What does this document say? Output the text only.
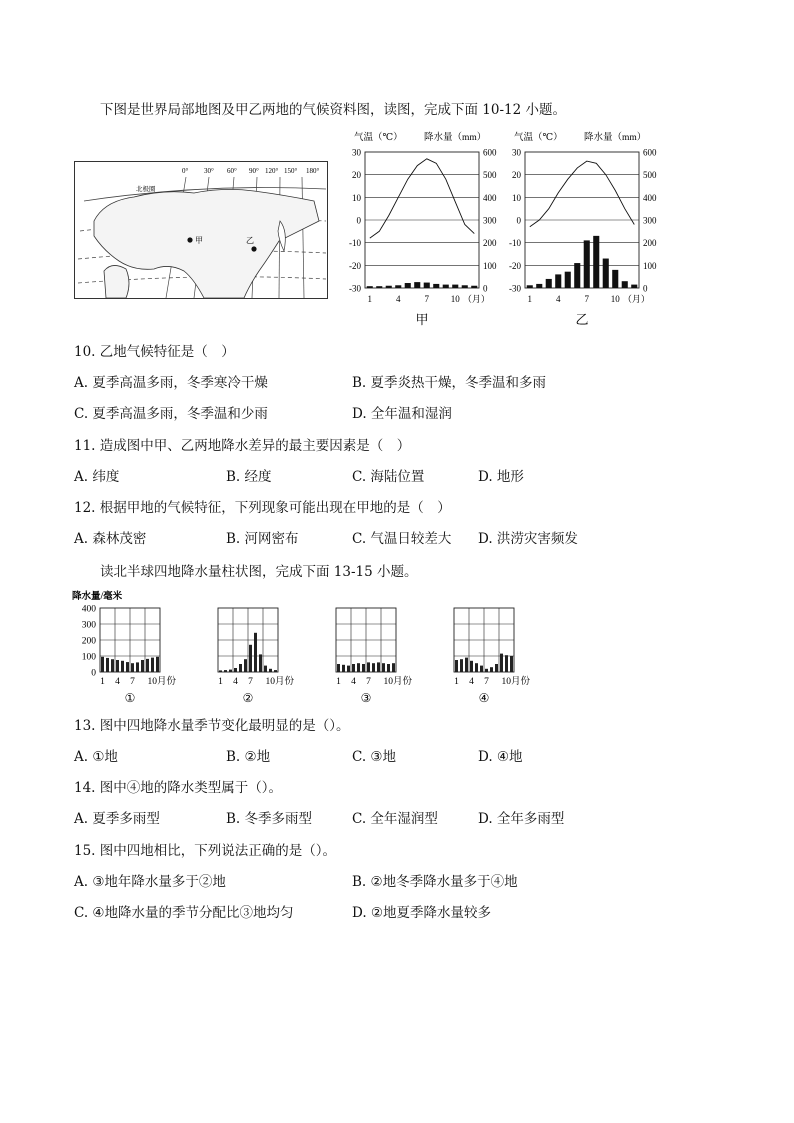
下图是世界局部地图及甲乙两地的气候资料图，读图，完成下面 10-12 小题。
甲	乙
北极圈
0° 30° 60° 90° 120° 150° 180°
气温（℃） 降水量（mm）
30
20
10
0
-10
-20
-30
600
500
400
300
200
100
0
1	4	7 10 （月）
甲
气温（℃） 降水量（mm）
30
20
10
0
-10
-20
-30
600
500
400
300
200
100
0
1	4	7 10 （月）
乙
10. 乙地气候特征是（　）
A. 夏季高温多雨，冬季寒冷干燥	B. 夏季炎热干燥，冬季温和多雨
C. 夏季高温多雨，冬季温和少雨	D. 全年温和湿润
11. 造成图中甲、乙两地降水差异的最主要因素是（　）
A. 纬度	B. 经度	C. 海陆位置	D. 地形
12. 根据甲地的气候特征，下列现象可能出现在甲地的是（　）
A. 森林茂密	B. 河网密布	C. 气温日较差大 D. 洪涝灾害频发
读北半球四地降水量柱状图，完成下面 13-15 小题。
降水量/毫米
400
300
200
100
0
1 4 7 10月份
①
1 4 7 10月份
②
1 4 7 10月份
③
1 4 7 10月份
④
13. 图中四地降水量季节变化最明显的是（）。
A. ①地	B. ②地	C. ③地	D. ④地
14. 图中④地的降水类型属于（）。
A. 夏季多雨型	B. 冬季多雨型	C. 全年湿润型	D. 全年多雨型
15. 图中四地相比，下列说法正确的是（）。
A. ③地年降水量多于②地	B. ②地冬季降水量多于④地
C. ④地降水量的季节分配比③地均匀	D. ②地夏季降水量较多
